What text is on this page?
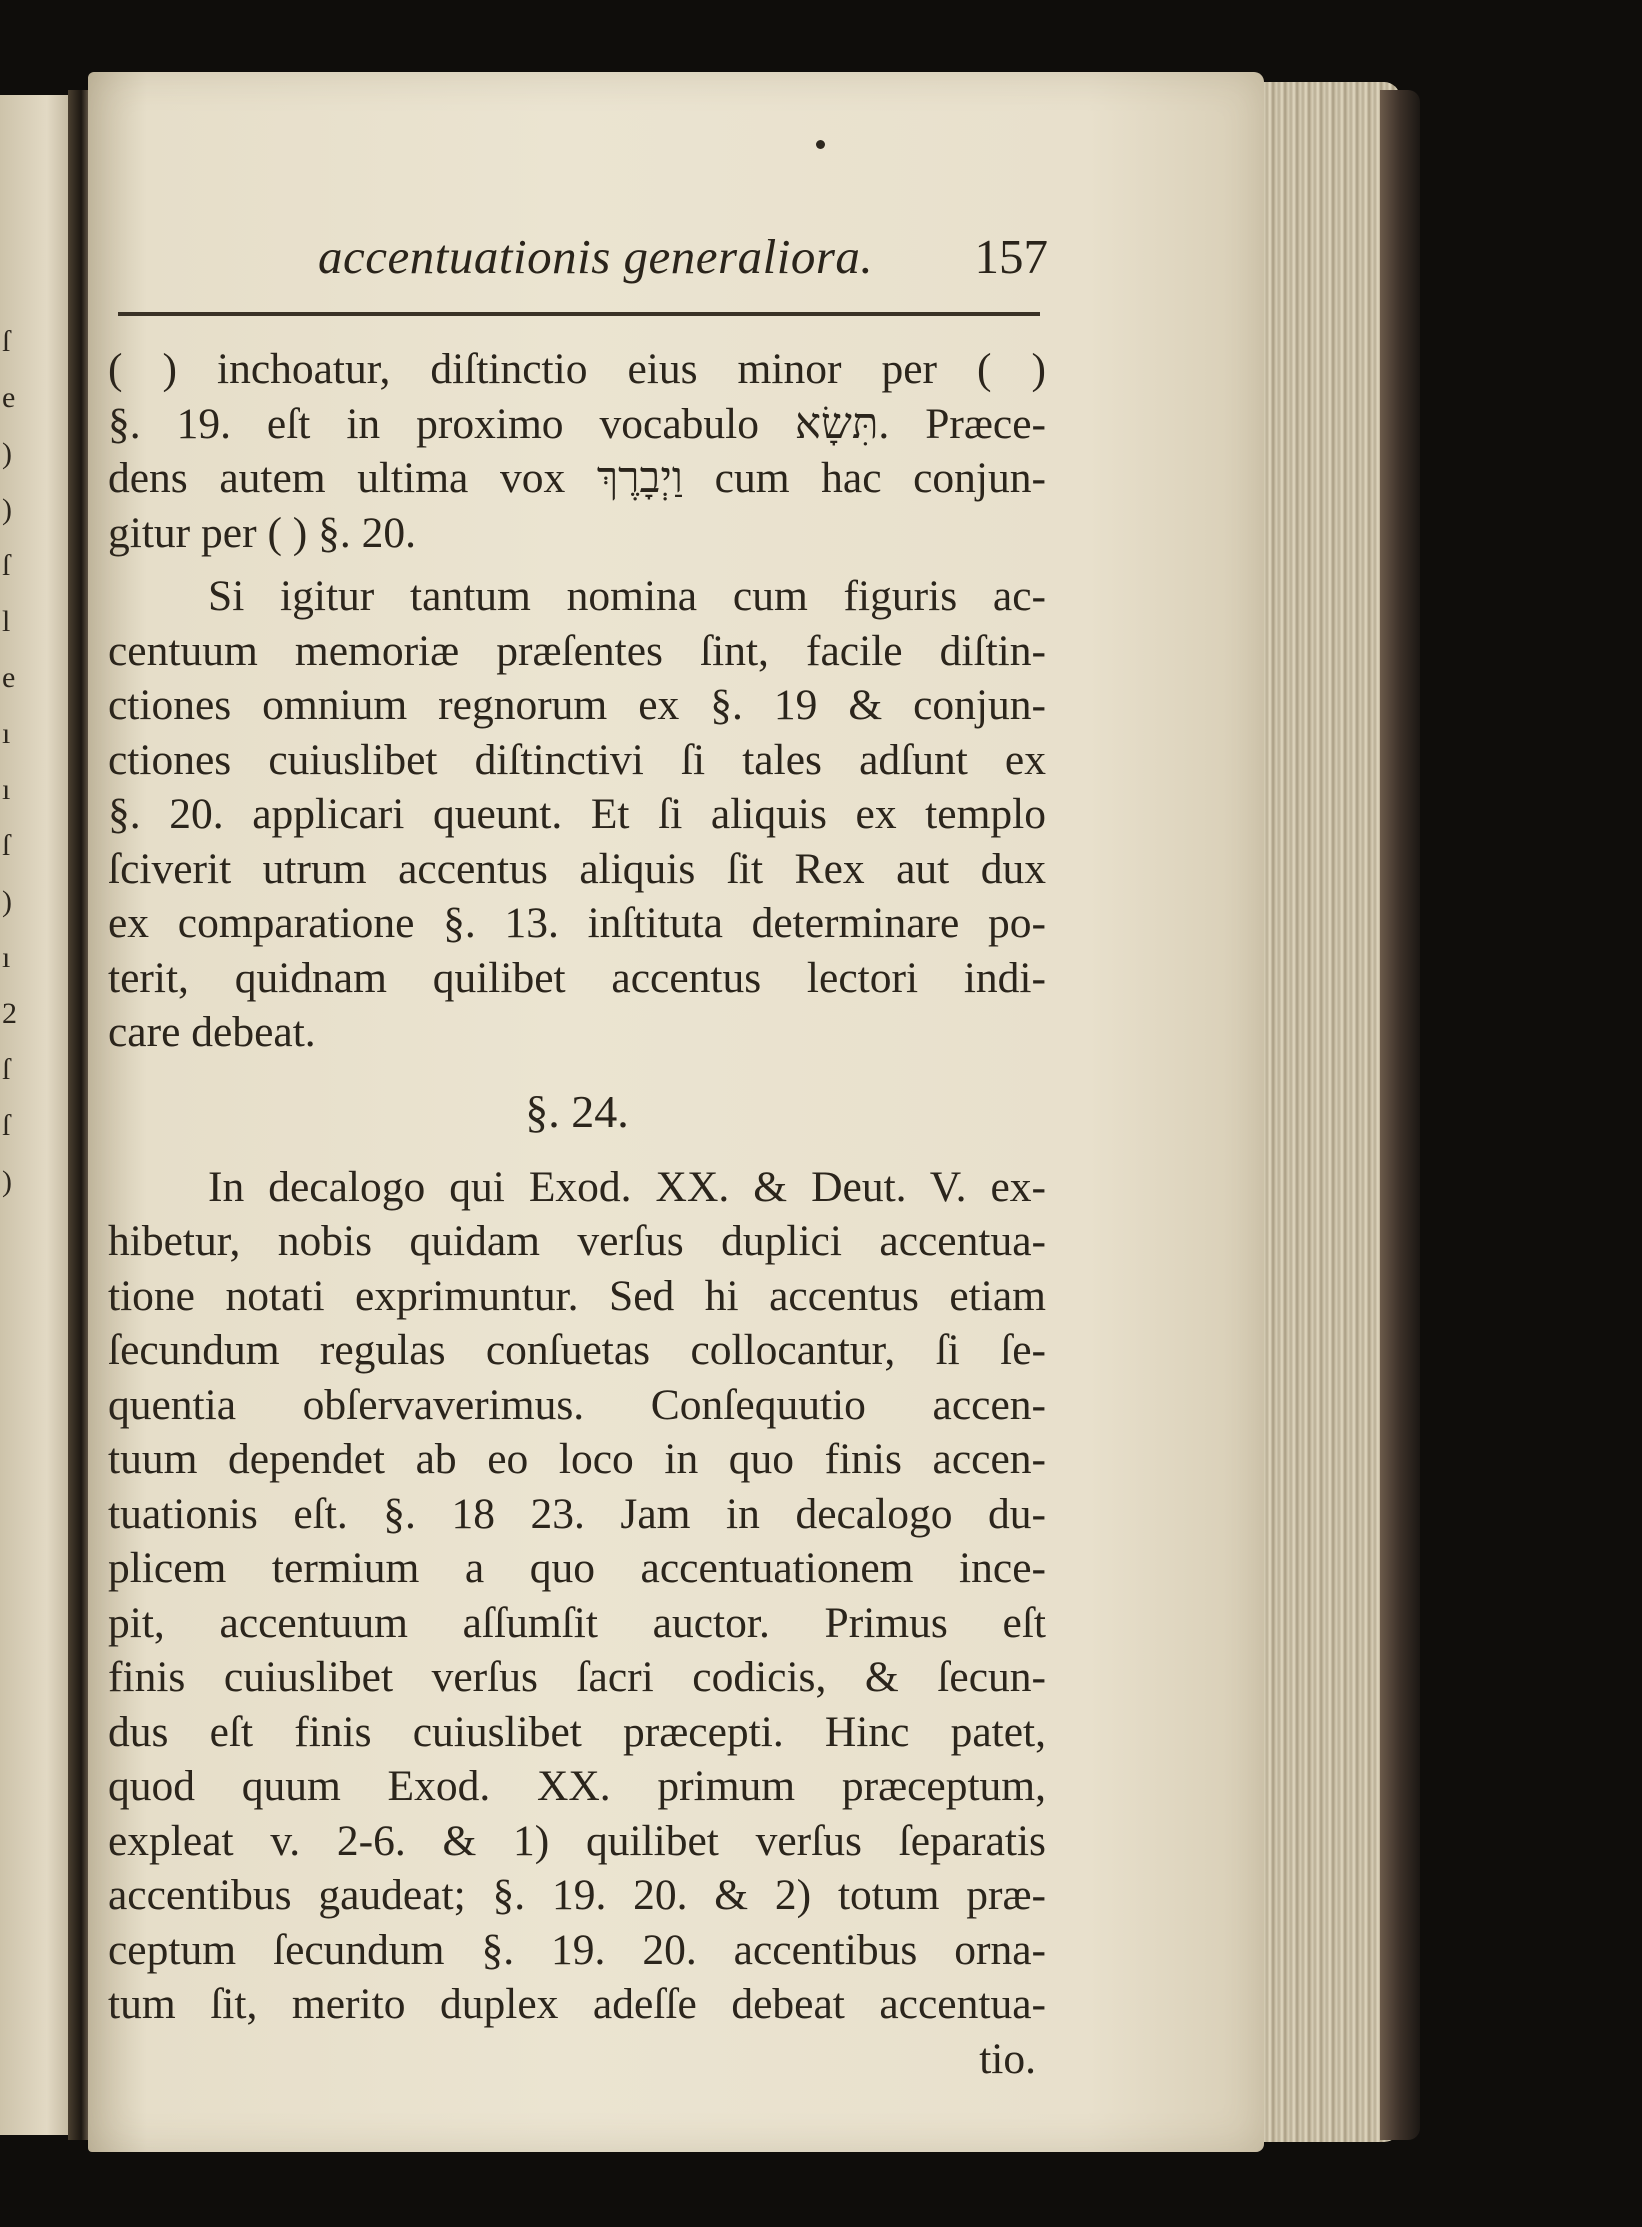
ſ
e
)
)
ſ
l
e
ı
ı
ſ
)
ı
2
ſ
ſ
)
accentuationis generaliora. 157
( ) inchoatur, diſtinctio eius minor per ( )
§. 19. eſt in proximo vocabulo תִּשָׂא. Præce-
dens autem ultima vox וַיְבָרֶךְ cum hac conjun-
gitur per ( ) §. 20.
Si igitur tantum nomina cum figuris ac-
centuum memoriæ præſentes ſint, facile diſtin-
ctiones omnium regnorum ex §. 19 & conjun-
ctiones cuiuslibet diſtinctivi ſi tales adſunt ex
§. 20. applicari queunt. Et ſi aliquis ex templo
ſciverit utrum accentus aliquis ſit Rex aut dux
ex comparatione §. 13. inſtituta determinare po-
terit, quidnam quilibet accentus lectori indi-
care debeat.
§. 24.
In decalogo qui Exod. XX. & Deut. V. ex-
hibetur, nobis quidam verſus duplici accentua-
tione notati exprimuntur. Sed hi accentus etiam
ſecundum regulas conſuetas collocantur, ſi ſe-
quentia obſervaverimus. Conſequutio accen-
tuum dependet ab eo loco in quo finis accen-
tuationis eſt. §. 18 23. Jam in decalogo du-
plicem termium a quo accentuationem ince-
pit, accentuum aſſumſit auctor. Primus eſt
finis cuiuslibet verſus ſacri codicis, & ſecun-
dus eſt finis cuiuslibet præcepti. Hinc patet,
quod quum Exod. XX. primum præceptum,
expleat v. 2-6. & 1) quilibet verſus ſeparatis
accentibus gaudeat; §. 19. 20. & 2) totum præ-
ceptum ſecundum §. 19. 20. accentibus orna-
tum ſit, merito duplex adeſſe debeat accentua-
tio.
